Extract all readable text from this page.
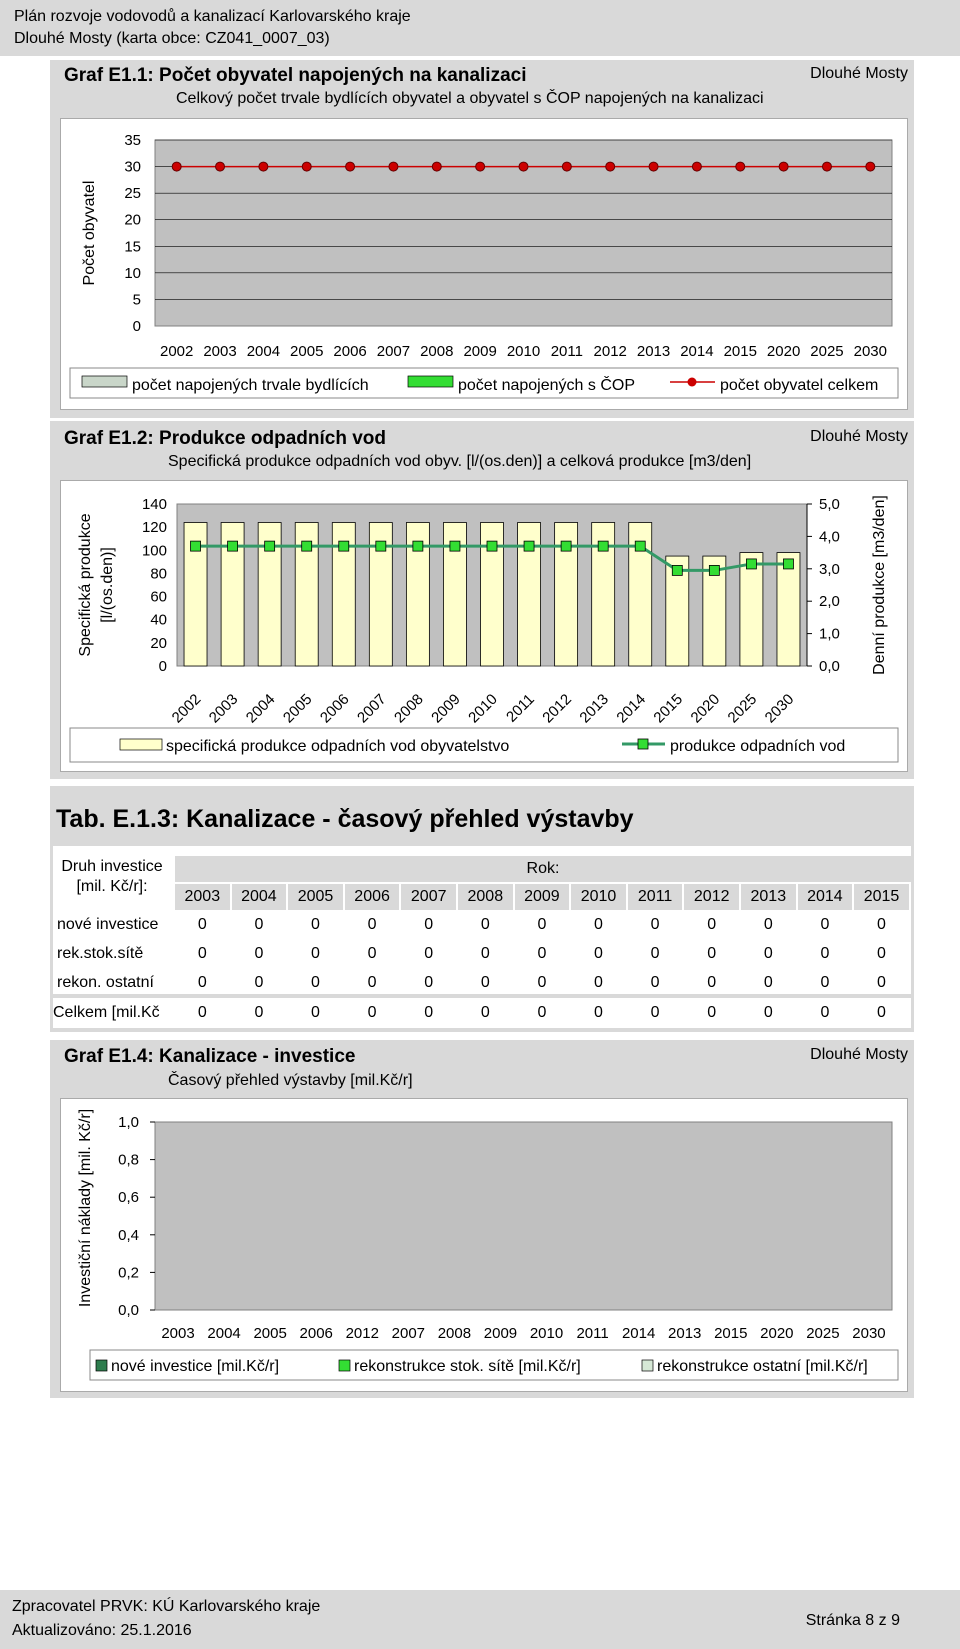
Plán rozvoje vodovodů a kanalizací Karlovarského kraje
Dlouhé Mosty (karta obce: CZ041_0007_03)
Graf E1.1: Počet obyvatel napojených na kanalizaci	Dlouhé Mosty
Celkový počet trvale bydlících obyvatel a obyvatel s ČOP napojených na kanalizaci
0
5
10
15
20
25
30
35
2002 2003 2004 2005 2006 2007 2008 2009 2010 2011 2012 2013 2014 2015 2020 2025 2030
Počet obyvatel
počet napojených trvale bydlících	počet napojených s ČOP	počet obyvatel celkem
Graf E1.2: Produkce odpadních vod	Dlouhé Mosty
Specifická produkce odpadních vod obyv. [l/(os.den)] a celková produkce [m3/den]
0
20
40
60
80
100
120
140
0,0
1,0
2,0
3,0
4,0
5,0
2002 2003 2004 2005 2006 2007 2008 2009 2010 2011 2012 2013 2014 2015 2020 2025 2030
Specifická produkce [l/(os.den)]	Denní produkce [m3/den]
specifická produkce odpadních vod obyvatelstvo	produkce odpadních vod
Tab. E.1.3: Kanalizace - časový přehled výstavby
Druh investice
[mil. Kč/r]:
Rok:
2003	2004	2005	2006	2007	2008	2009	2010	2011	2012	2013	2014	2015
nové investice	0	0	0	0	0	0	0	0	0	0	0	0	0
rek.stok.sítě	0	0	0	0	0	0	0	0	0	0	0	0	0
rekon. ostatní	0	0	0	0	0	0	0	0	0	0	0	0	0
Celkem [mil.Kč	0	0	0	0	0	0	0	0	0	0	0	0	0
Graf E1.4: Kanalizace - investice	Dlouhé Mosty
Časový přehled výstavby [mil.Kč/r]
0,0
0,2
0,4
0,6
0,8
1,0
2003 2004 2005 2006 2012 2007 2008 2009 2010 2011 2014 2013 2015 2020 2025 2030
Investiční náklady [mil. Kč/r]
nové investice [mil.Kč/r]	rekonstrukce stok. sítě [mil.Kč/r]	rekonstrukce ostatní [mil.Kč/r]
Zpracovatel PRVK: KÚ Karlovarského kraje
Aktualizováno: 25.1.2016
Stránka 8 z 9
